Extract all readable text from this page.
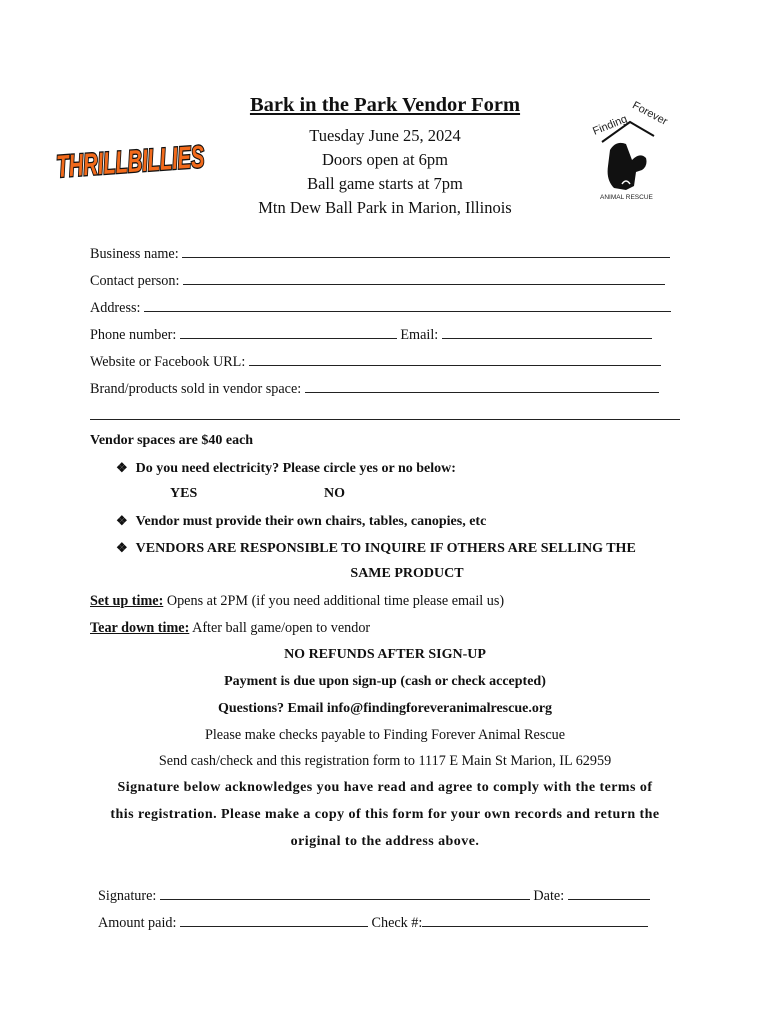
THRILLBILLIES
Finding Forever
ANIMAL RESCUE
Bark in the Park Vendor Form
Tuesday June 25, 2024
Doors open at 6pm
Ball game starts at 7pm
Mtn Dew Ball Park in Marion, Illinois
Business name:
Contact person:
Address:
Phone number:	Email:
Website or Facebook URL:
Brand/products sold in vendor space:
Vendor spaces are $40 each
❖ Do you need electricity? Please circle yes or no below:
YES	NO
❖ Vendor must provide their own chairs, tables, canopies, etc
❖ VENDORS ARE RESPONSIBLE TO INQUIRE IF OTHERS ARE SELLING THE
SAME PRODUCT
Set up time: Opens at 2PM (if you need additional time please email us)
Tear down time: After ball game/open to vendor
NO REFUNDS AFTER SIGN-UP
Payment is due upon sign-up (cash or check accepted)
Questions? Email info@findingforeveranimalrescue.org
Please make checks payable to Finding Forever Animal Rescue
Send cash/check and this registration form to 1117 E Main St Marion, IL 62959
Signature below acknowledges you have read and agree to comply with the terms of
this registration. Please make a copy of this form for your own records and return the
original to the address above.
Signature:	Date:
Amount paid:	Check #:
